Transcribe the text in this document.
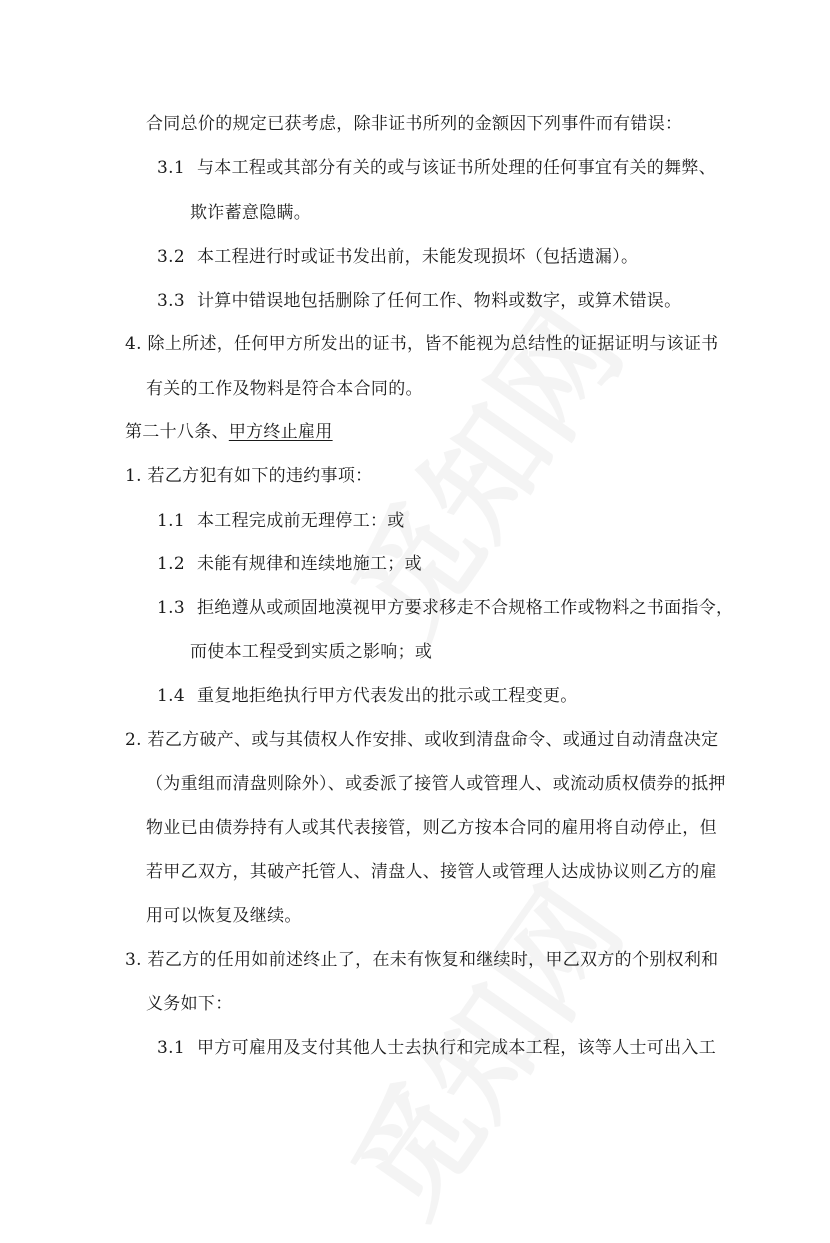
合同总价的规定已获考虑，除非证书所列的金额因下列事件而有错误：
3.1 与本工程或其部分有关的或与该证书所处理的任何事宜有关的舞弊、
欺诈蓄意隐瞒。
3.2 本工程进行时或证书发出前，未能发现损坏（包括遗漏）。
3.3 计算中错误地包括删除了任何工作、物料或数字，或算术错误。
4. 除上所述，任何甲方所发出的证书，皆不能视为总结性的证据证明与该证书
有关的工作及物料是符合本合同的。
第二十八条、甲方终止雇用
1. 若乙方犯有如下的违约事项：
1.1 本工程完成前无理停工：或
1.2 未能有规律和连续地施工；或
1.3 拒绝遵从或顽固地漠视甲方要求移走不合规格工作或物料之书面指令，
而使本工程受到实质之影响；或
1.4 重复地拒绝执行甲方代表发出的批示或工程变更。
2. 若乙方破产、或与其债权人作安排、或收到清盘命令、或通过自动清盘决定
（为重组而清盘则除外）、或委派了接管人或管理人、或流动质权债券的抵押
物业已由债券持有人或其代表接管，则乙方按本合同的雇用将自动停止，但
若甲乙双方，其破产托管人、清盘人、接管人或管理人达成协议则乙方的雇
用可以恢复及继续。
3. 若乙方的任用如前述终止了，在未有恢复和继续时，甲乙双方的个别权利和
义务如下：
3.1 甲方可雇用及支付其他人士去执行和完成本工程，该等人士可出入工
